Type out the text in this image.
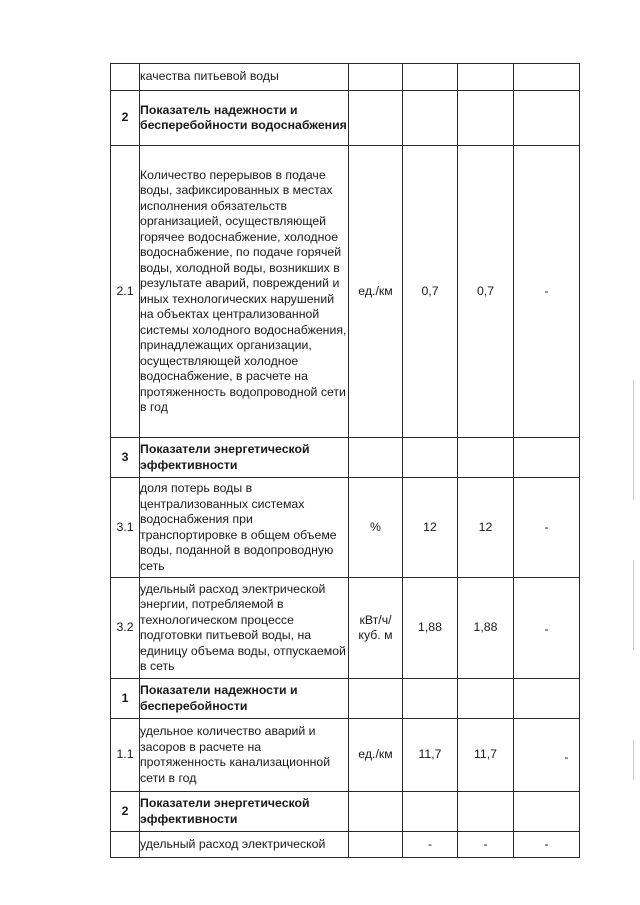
	качества питьевой воды				
2	Показатель надежности и бесперебойности водоснабжения				
2.1	Количество перерывов в подаче воды, зафиксированных в местах исполнения обязательств организацией, осуществляющей горячее водоснабжение, холодное водоснабжение, по подаче горячей воды, холодной воды, возникших в результате аварий, повреждений и иных технологических нарушений на объектах централизованной системы холодного водоснабжения, принадлежащих организации, осуществляющей холодное водоснабжение, в расчете на протяженность водопроводной сети в год	ед./км	0,7	0,7	-
3	Показатели энергетической эффективности				
3.1	доля потерь воды в централизованных системах водоснабжения при транспортировке в общем объеме воды, поданной в водопроводную сеть	%	12	12	-
3.2	удельный расход электрической энергии, потребляемой в технологическом процессе подготовки питьевой воды, на единицу объема воды, отпускаемой в сеть	кВт/ч/куб. м	1,88	1,88	-

1	Показатели надежности и бесперебойности				
1.1	удельное количество аварий и засоров в расчете на протяженность канализационной сети в год	ед./км	11,7	11,7	-

2	Показатели энергетической эффективности				
	удельный расход электрической		-	-	-
